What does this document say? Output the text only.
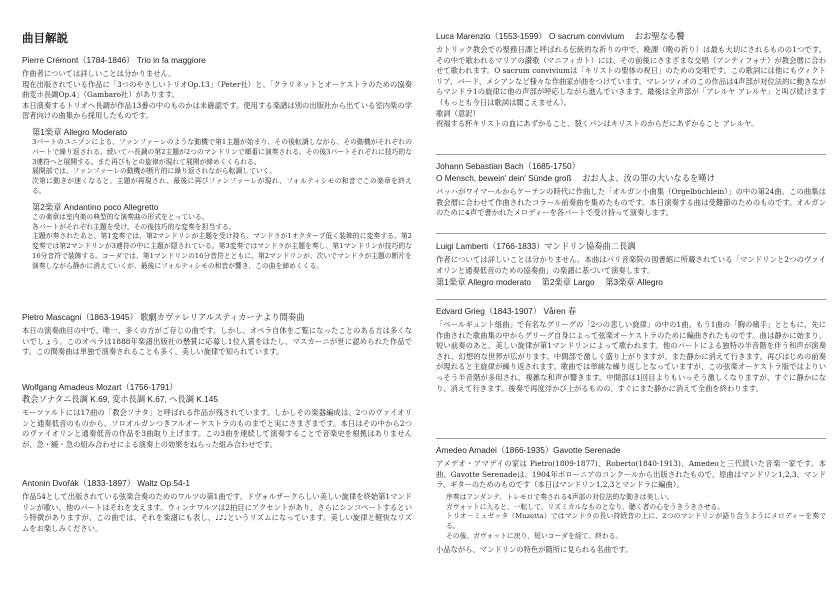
曲目解説
Pierre Crémont（1784-1846） Trio in fa maggiore

作曲者については詳しいことは分かりません。

現在出版されている作品に「3つのやさしいトリオOp.13」（Peter社）と、「クラリネットとオーケストラのための協奏曲変ホ長調Op.4」（Gambaro社）があります。

本日演奏するトリオヘ長調が作品13番の中のものかは未確認です。使用する楽譜は別の出版社から出ている室内楽の学習者向けの曲集から採用したものです。

第1楽章 Allegro Moderato

3パートのユニゾンによる、ファンファーレのような動機で第1主題が始まり、その後転調しながら、その動機がそれぞれのパートで繰り返される。続いてハ長調の第2主題が2つのマンドリンで順番に演奏される。その後3パートそれぞれに技巧的な3連符へと展開する。また再びもとの旋律が現れて展開が締めくくられる。

展開部では、ファンファーレの動機が断片的に繰り返されながら転調していく。

次第に動きが速くなると、主題が再現され、最後に再びファンファーレが現れ、フォルティシモの和音でこの楽章を終える。

第2楽章 Andantino poco Allegretto

この楽章は室内楽の典型的な演奏曲の形式をとっている。

各パートがそれぞれ主題を受け、その後技巧的な変奏を担当する。

主題が奏されたあと、第1変奏では、第2マンドリンが主題を受け持ち、マンドラが1オクターブ低く装飾的に変奏する。第2変奏では第2マンドリンが3連符の中に主題が隠されている。第3変奏ではマンドラが主題を奏し、第1マンドリンが技巧的な16分音符で装飾する。コーダでは、第1マンドリンの16分音符とともに、第2マンドリンが、次いでマンドラが主題の断片を演奏しながら静かに消えていくが、最後にフォルティシモの和音が響き、この曲を締めくくる。

Pietro Mascagni（1863-1945） 歌劇カヴァレリアルスティカーナより間奏曲

本日の演奏曲目の中で、唯一、多くの方がご存じの曲です。しかし、オペラ自体をご覧になったことのある方は多くないでしょう。このオペラは1888年楽譜出版社の懸賞に応募し1位入賞をはたし、マスカーニが世に認められた作品です。この間奏曲は単独で演奏されることも多く、美しい旋律で知られています。

Wolfgang Amadeus Mozart（1756-1791）
教会ソナタニ長調 K.69, 変ホ長調 K.67, ヘ長調 K.145

モーツァルトには17曲の「教会ソナタ」と呼ばれる作品が残されています。しかしその楽器編成は、2つのヴァイオリンと通奏低音のものから、ソロオルガンつきフルオーケストラのものまでと実にさまざまです。本日はその中から2つのヴァイオリンと通奏低音の作品を3曲取り上げます。この3曲を連続して演奏することで音楽史を根拠はありませんが、急・緩・急の組み合わせによる演奏上の効果をねらった組み合わせです。

Antonin Dvořák（1833-1897） Waltz Op.54-1

作品54として出版されている弦楽合奏のためのワルツの第1曲です。ドヴォルザークらしい美しい旋律を終始第1マンドリンが歌い、他のパートはそれを支えます。ウィンナワルツは2拍目にアクセントがあり、さらにシンコペートするという特徴がありますが、この曲では、それを楽譜にも表し、♩♪♩というリズムになっています。美しい旋律と軽快なリズムをお楽しみください。

Luca Marenzio（1553-1599） O sacrum convivium 　おお聖なる饗

カトリック教会での聖務日課と呼ばれる伝統的な祈りの中で、晩課（晩の祈り）は最も大切にされるものの1つです。その中で歌われるマリアの讃歌（マニフィカト）には、その前後にさまざまな交唱（アンティフォナ）が教会暦に合わせて歌われます。O sacrum conviviumは「キリストの聖体の祝日」のための交唱です。この歌詞には他にもヴィクトリア、バード、メシアンなど様々な作曲家が曲をつけています。マレンツィオのこの作品は4声部が対位法的に動きながらマンドラ1の旋律に他の声部が呼応しながら進んでいきます。最後は全声部が「アレルヤ アレルヤ」と叫び続けます（もっとも今日は歌詞は聞こえません）。

歌詞（意訳）

祝福する杯キリストの血にあずかること、裂くパンはキリストのからだにあずかること アレルヤ。

Johann Sebastian Bach（1685-1750）
O Mensch, bewein' dein' Sünde groß 　おお人よ、汝の罪の大いなるを嘆け

バッハがワイマールからケーテンの時代に作曲した「オルガン小曲集（Orgelbüchlein）」の中の第24曲。この曲集は教会暦に合わせて作曲されたコラール前奏曲を集めたものです。本日演奏する曲は受難節のためのものです。オルガンのために4声で書かれたメロディーを各パートで受け持って演奏します。

Luigi Lamberti（1766-1833）マンドリン協奏曲二長調

作者については詳しいことは分かりません。本曲はパリ音楽院の図書館に所蔵されている「マンドリンと2つのヴァイオリンと通奏低音のための協奏曲」の楽譜に基づいて演奏します。

第1楽章 Allegro moderato 　第2楽章 Largo 　第3楽章 Allegro
Edvard Grieg（1843-1907） Våren 春

「ペールギュント組曲」で有名なグリーグの「2つの悲しい旋律」の中の1曲。もう1曲の「胸の痛手」とともに、先に作曲された歌曲集の中からグリーグ自身によって弦楽オーケストラのために編曲されたものです。曲は静かに始まり、短い前奏のあと、美しい旋律が第1マンドリンによって歌われます。他のパートによる独特の半音階を伴う和声が演奏され、幻想的な世界が広がります。中間部で激しく盛り上がりますが、また静かに消えて行きます。再びはじめの前奏が現れると主旋律が繰り返されます。歌曲では単純な繰り返しとなっていますが、この弦楽オーケストラ版ではよりいっそう半音階が多用され、複雑な和声が響きます。中間部は1回目よりもいっそう激しくなりますが、すぐに静かになり、消えて行きます。後奏で再度浮かび上がるものの、すぐにまた静かに消えて全曲を終わります。

Amedeo Amadei（1866-1935）Gavotte Serenade

アメデオ・アマデイの家は Pietro(1809-1877)、Roberto(1840-1913)、Amedeoと三代続いた音楽一家です。本曲、Gavotte Serenadeは、1904年ボローニアのコンクールから出版されたもので、原曲はマンドリン1,2,3、マンドラ、ギターのためのものです（本日はマンドリン1,2,3とマンドラに編曲）。

序奏はアンダンテ、トレモロで奏される4声部の対位法的な動きは美しい。

ガヴォットに入ると、一転して、リズミカルなものとなり、聴く者の心をうきうきさせる。

トリオ－ミュゼッタ（Muzetta）ではマンドラの長い持続音の上に、2つのマンドリンが語り合うようにメロディーを奏でる。

その後、ガヴォットに戻り、短いコーダを経て、終わる。

小品ながら、マンドリンの特色が随所に見られる名曲です。
